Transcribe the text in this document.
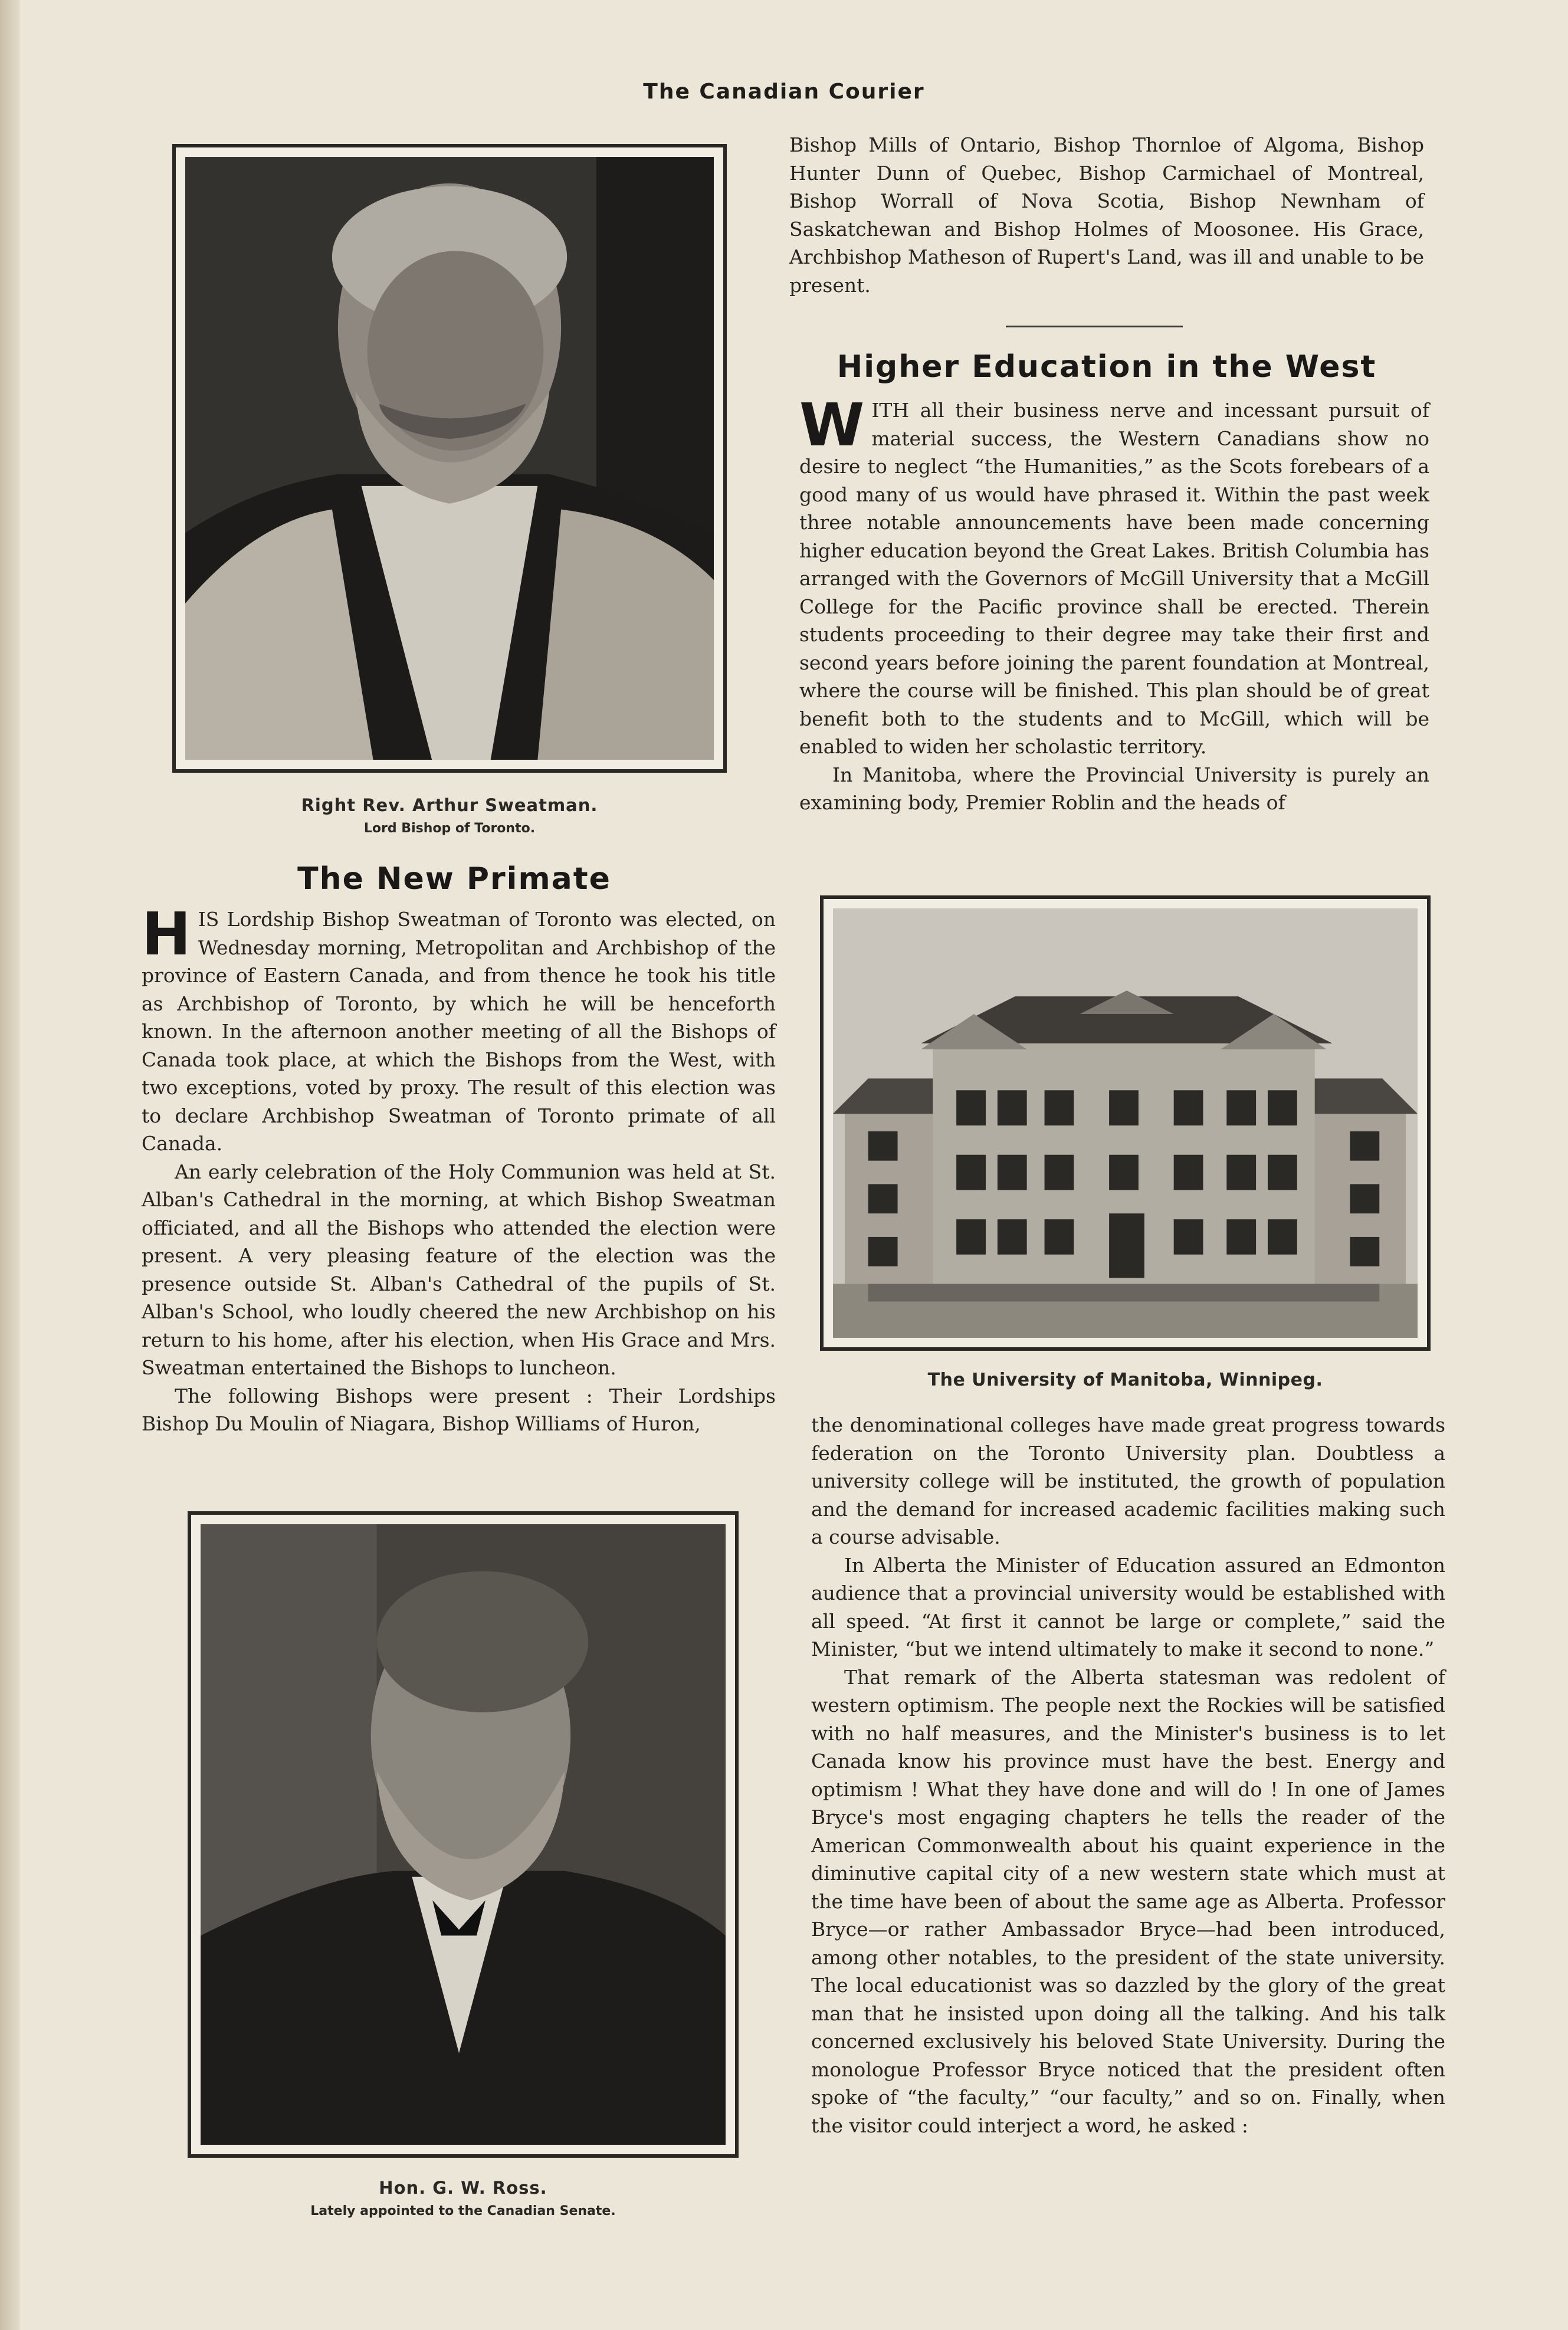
The Canadian Courier
Right Rev. Arthur Sweatman.
Lord Bishop of Toronto.
The New Primate

HIS Lordship Bishop Sweatman of Toronto was elected, on Wednesday morning, Metropolitan and Archbishop of the province of Eastern Canada, and from thence he took his title as Archbishop of Toronto, by which he will be henceforth known. In the afternoon another meeting of all the Bishops of Canada took place, at which the Bishops from the West, with two exceptions, voted by proxy. The result of this election was to declare Archbishop Sweatman of Toronto primate of all Canada.

An early celebration of the Holy Communion was held at St. Alban's Cathedral in the morning, at which Bishop Sweatman officiated, and all the Bishops who attended the election were present. A very pleasing feature of the election was the presence outside St. Alban's Cathedral of the pupils of St. Alban's School, who loudly cheered the new Archbishop on his return to his home, after his election, when His Grace and Mrs. Sweatman entertained the Bishops to luncheon.

The following Bishops were present : Their Lordships Bishop Du Moulin of Niagara, Bishop Williams of Huron,

Hon. G. W. Ross.
Lately appointed to the Canadian Senate.

Bishop Mills of Ontario, Bishop Thornloe of Algoma, Bishop Hunter Dunn of Quebec, Bishop Carmichael of Montreal, Bishop Worrall of Nova Scotia, Bishop Newnham of Saskatchewan and Bishop Holmes of Moosonee. His Grace, Archbishop Matheson of Rupert's Land, was ill and unable to be present.

Higher Education in the West

WITH all their business nerve and incessant pursuit of material success, the Western Canadians show no desire to neglect “the Humanities,” as the Scots forebears of a good many of us would have phrased it. Within the past week three notable announcements have been made concerning higher education beyond the Great Lakes. British Columbia has arranged with the Governors of McGill University that a McGill College for the Pacific province shall be erected. Therein students proceeding to their degree may take their first and second years before joining the parent foundation at Montreal, where the course will be finished. This plan should be of great benefit both to the students and to McGill, which will be enabled to widen her scholastic territory.

In Manitoba, where the Provincial University is purely an examining body, Premier Roblin and the heads of

The University of Manitoba, Winnipeg.

the denominational colleges have made great progress towards federation on the Toronto University plan. Doubtless a university college will be instituted, the growth of population and the demand for increased academic facilities making such a course advisable.

In Alberta the Minister of Education assured an Edmonton audience that a provincial university would be established with all speed. “At first it cannot be large or complete,” said the Minister, “but we intend ultimately to make it second to none.”

That remark of the Alberta statesman was redolent of western optimism. The people next the Rockies will be satisfied with no half measures, and the Minister's business is to let Canada know his province must have the best. Energy and optimism ! What they have done and will do ! In one of James Bryce's most engaging chapters he tells the reader of the American Commonwealth about his quaint experience in the diminutive capital city of a new western state which must at the time have been of about the same age as Alberta. Professor Bryce—or rather Ambassador Bryce—had been introduced, among other notables, to the president of the state university. The local educationist was so dazzled by the glory of the great man that he insisted upon doing all the talking. And his talk concerned exclusively his beloved State University. During the monologue Professor Bryce noticed that the president often spoke of “the faculty,” “our faculty,” and so on. Finally, when the visitor could interject a word, he asked :
